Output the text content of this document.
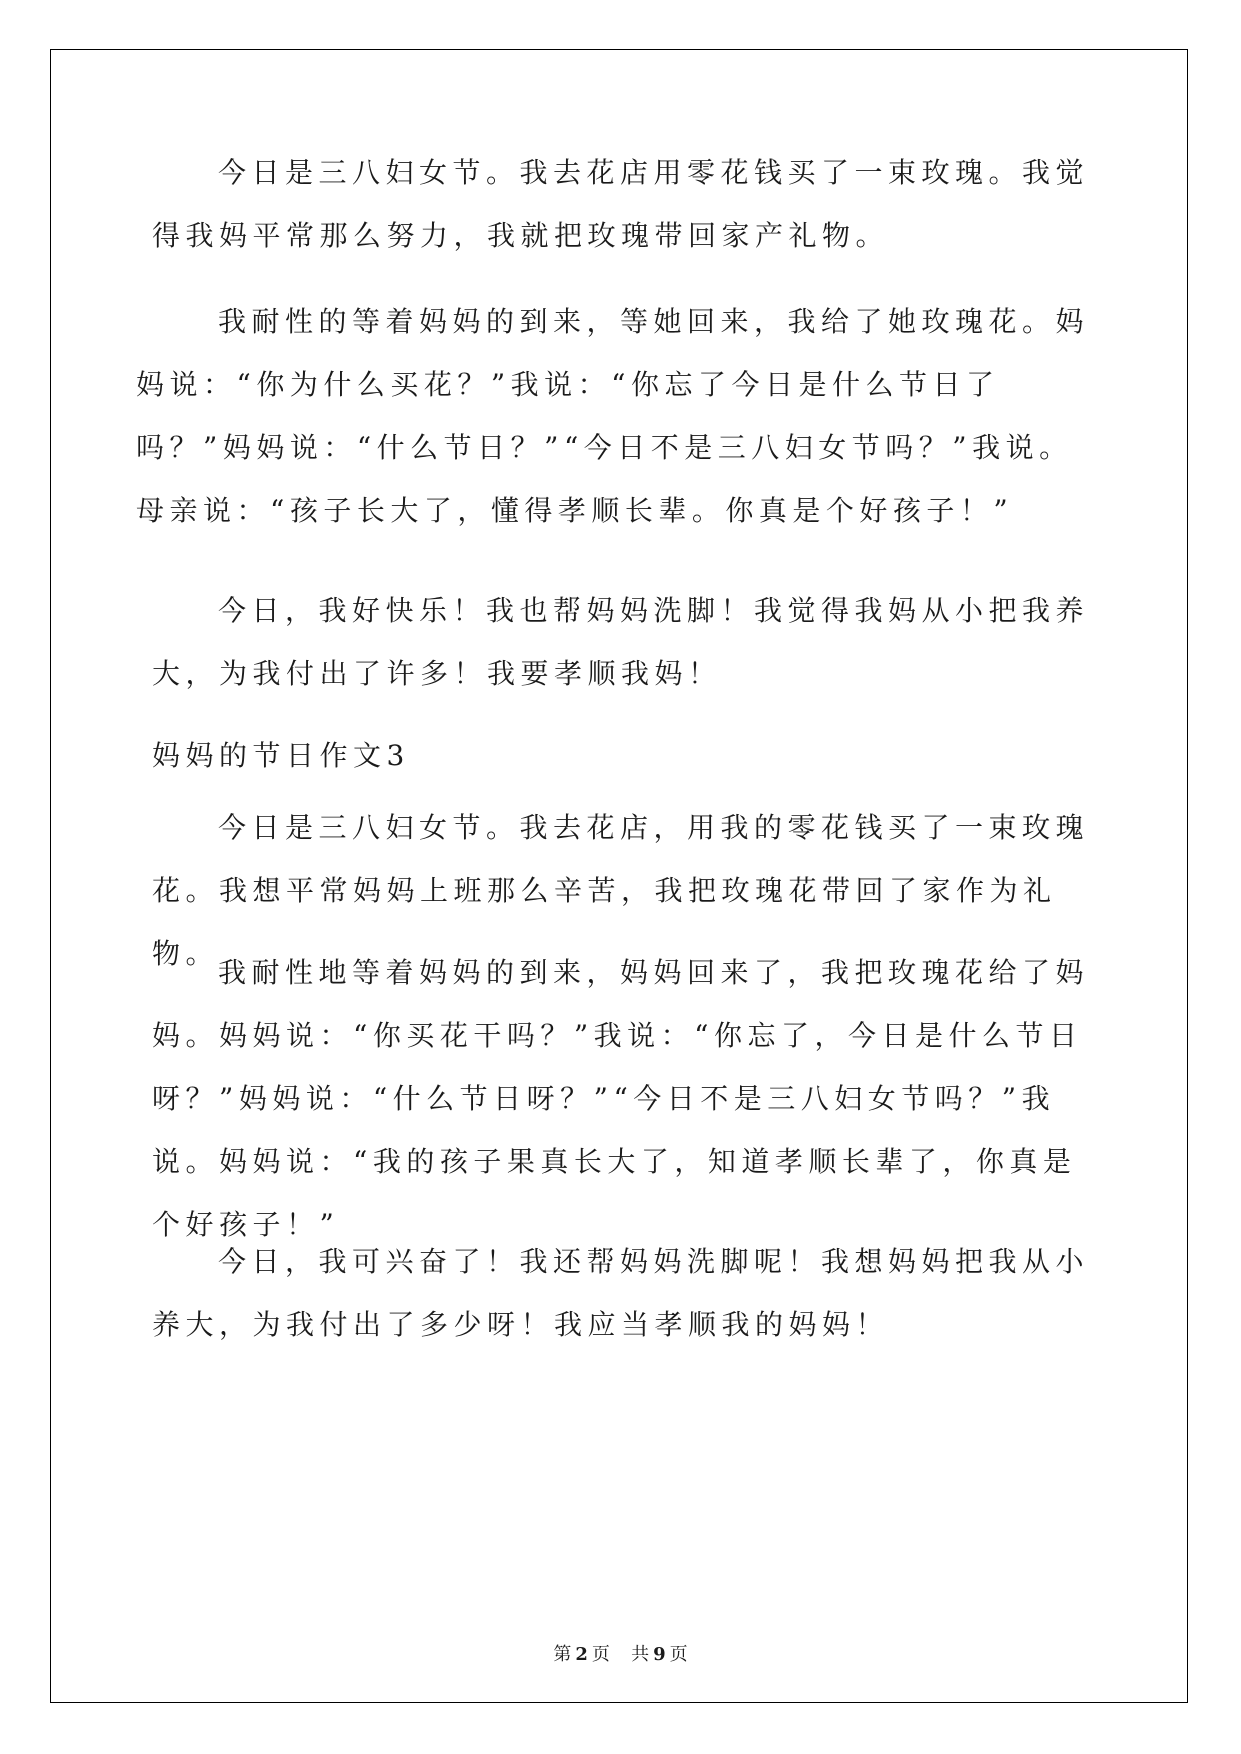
今日是三八妇女节。我去花店用零花钱买了一束玫瑰。我觉得我妈平常那么努力，我就把玫瑰带回家产礼物。

我耐性的等着妈妈的到来，等她回来，我给了她玫瑰花。妈妈说：“你为什么买花？”我说：“你忘了今日是什么节日了吗？”妈妈说：“什么节日？”“今日不是三八妇女节吗？”我说。母亲说：“孩子长大了，懂得孝顺长辈。你真是个好孩子！”

今日，我好快乐！我也帮妈妈洗脚！我觉得我妈从小把我养大，为我付出了许多！我要孝顺我妈！

妈妈的节日作文3

今日是三八妇女节。我去花店，用我的零花钱买了一束玫瑰花。我想平常妈妈上班那么辛苦，我把玫瑰花带回了家作为礼物。

我耐性地等着妈妈的到来，妈妈回来了，我把玫瑰花给了妈妈。妈妈说：“你买花干吗？”我说：“你忘了，今日是什么节日呀？”妈妈说：“什么节日呀？”“今日不是三八妇女节吗？”我说。妈妈说：“我的孩子果真长大了，知道孝顺长辈了，你真是个好孩子！”

今日，我可兴奋了！我还帮妈妈洗脚呢！我想妈妈把我从小养大，为我付出了多少呀！我应当孝顺我的妈妈！

第 2 页 共 9 页
